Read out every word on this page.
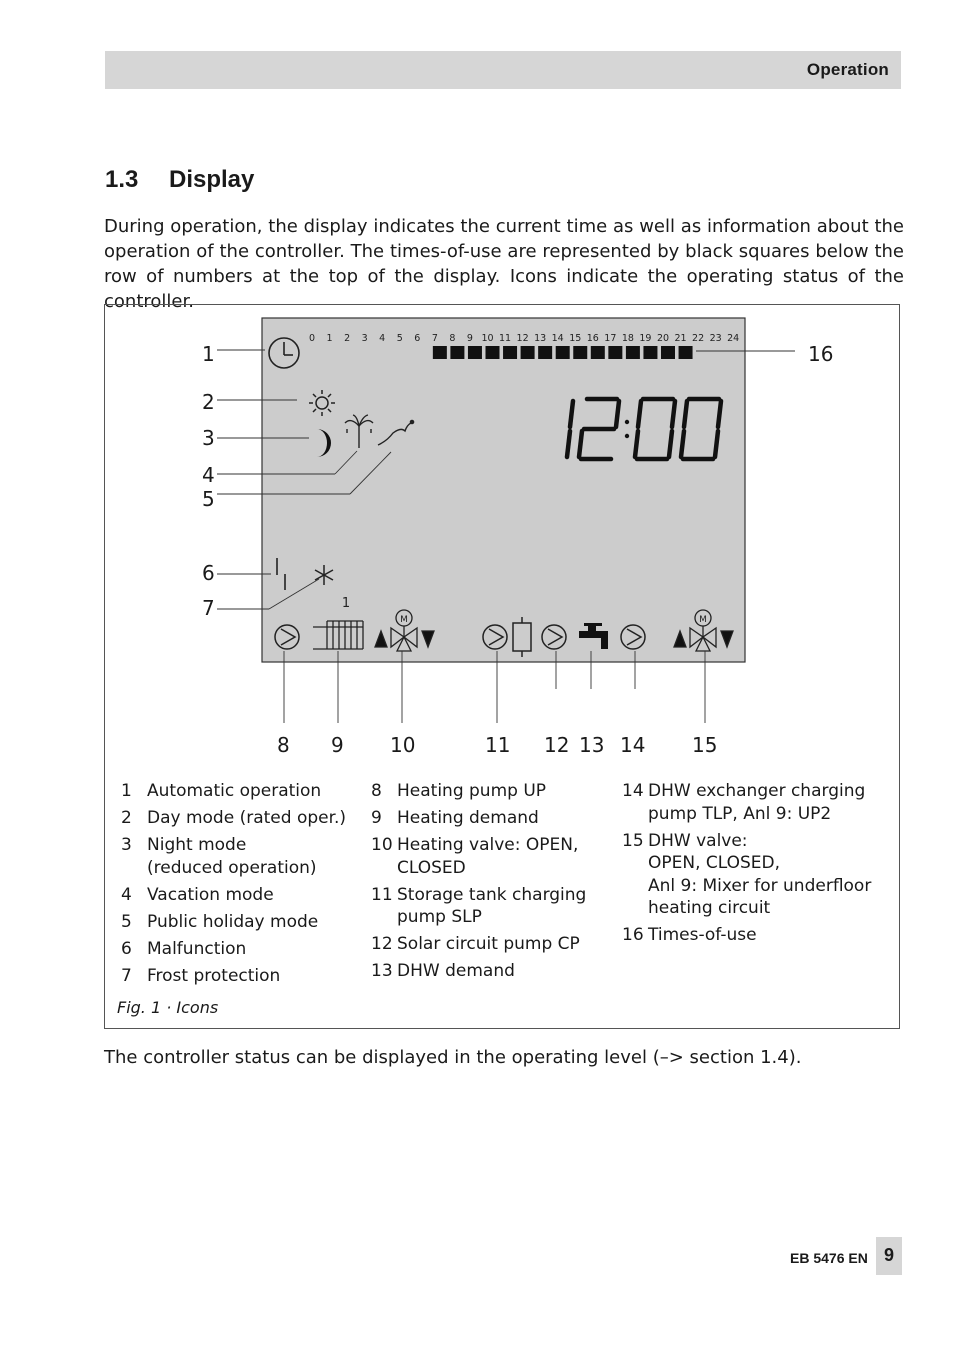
Operation
1.3 Display

During operation, the display indicates the current time as well as information about the operation of the controller. The times-of-use are represented by black squares below the row of numbers at the top of the display. Icons indicate the operating status of the controller.

0 1 2 3 4 5 6 7 8 9 10 11 12 13 14 15 16 17 18 19 20 21 22 23 24
1
M	M
1
2
3
4
5
6
7
16
8 9 10	11 12 13 14 15
1 Automatic operation
2 Day mode (rated oper.)
3 Night mode
(reduced operation)
4 Vacation mode
5 Public holiday mode
6 Malfunction
7 Frost protection
8 Heating pump UP
9 Heating demand
10 Heating valve: OPEN,
CLOSED
11 Storage tank charging
pump SLP
12 Solar circuit pump CP
13 DHW demand
14 DHW exchanger charging
pump TLP, Anl 9: UP2
15 DHW valve:
OPEN, CLOSED,
Anl 9: Mixer for underfloor
heating circuit
16 Times-of-use
Fig. 1 · Icons

The controller status can be displayed in the operating level (–> section 1.4).

EB 5476 EN 9
